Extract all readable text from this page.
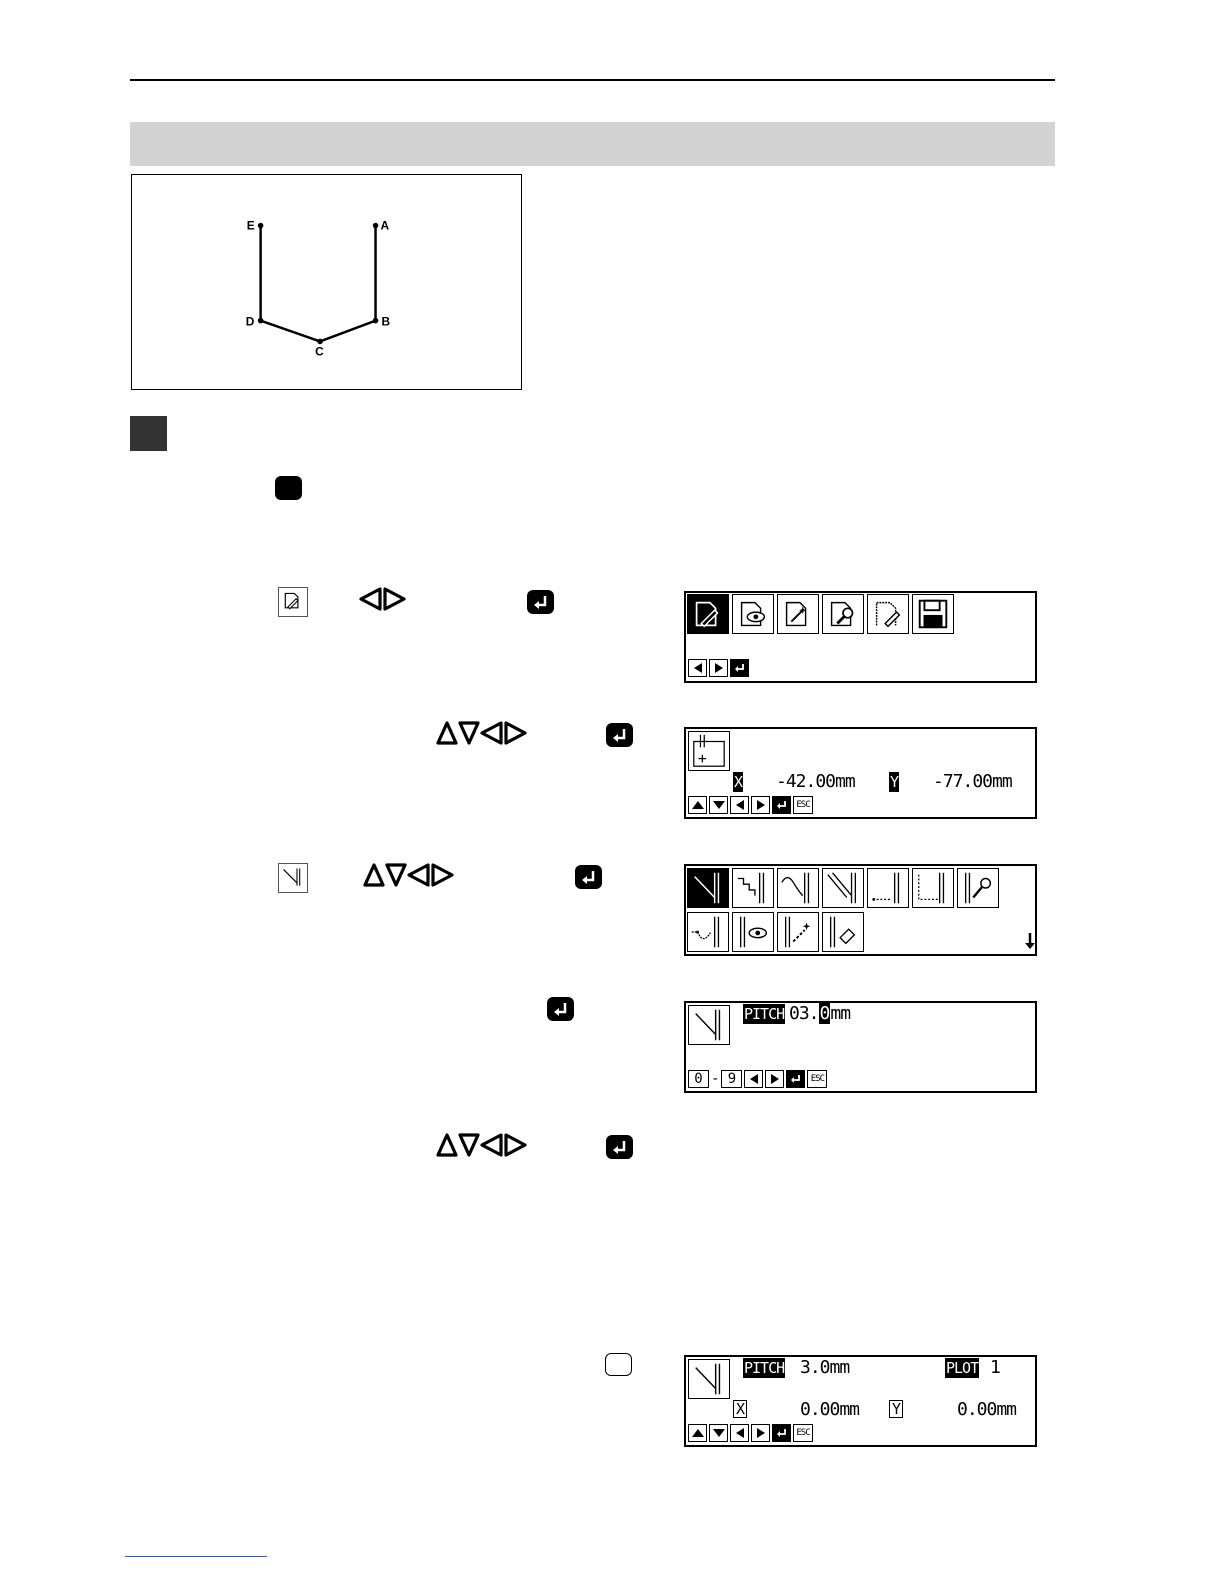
A
B
C
D
E
X -42.00mm Y -77.00mm
ESC
PITCH 03.0mm
0 - 9	ESC
PITCH 3.0mm	PLOT 1
X	0.00mm Y	0.00mm
ESC
